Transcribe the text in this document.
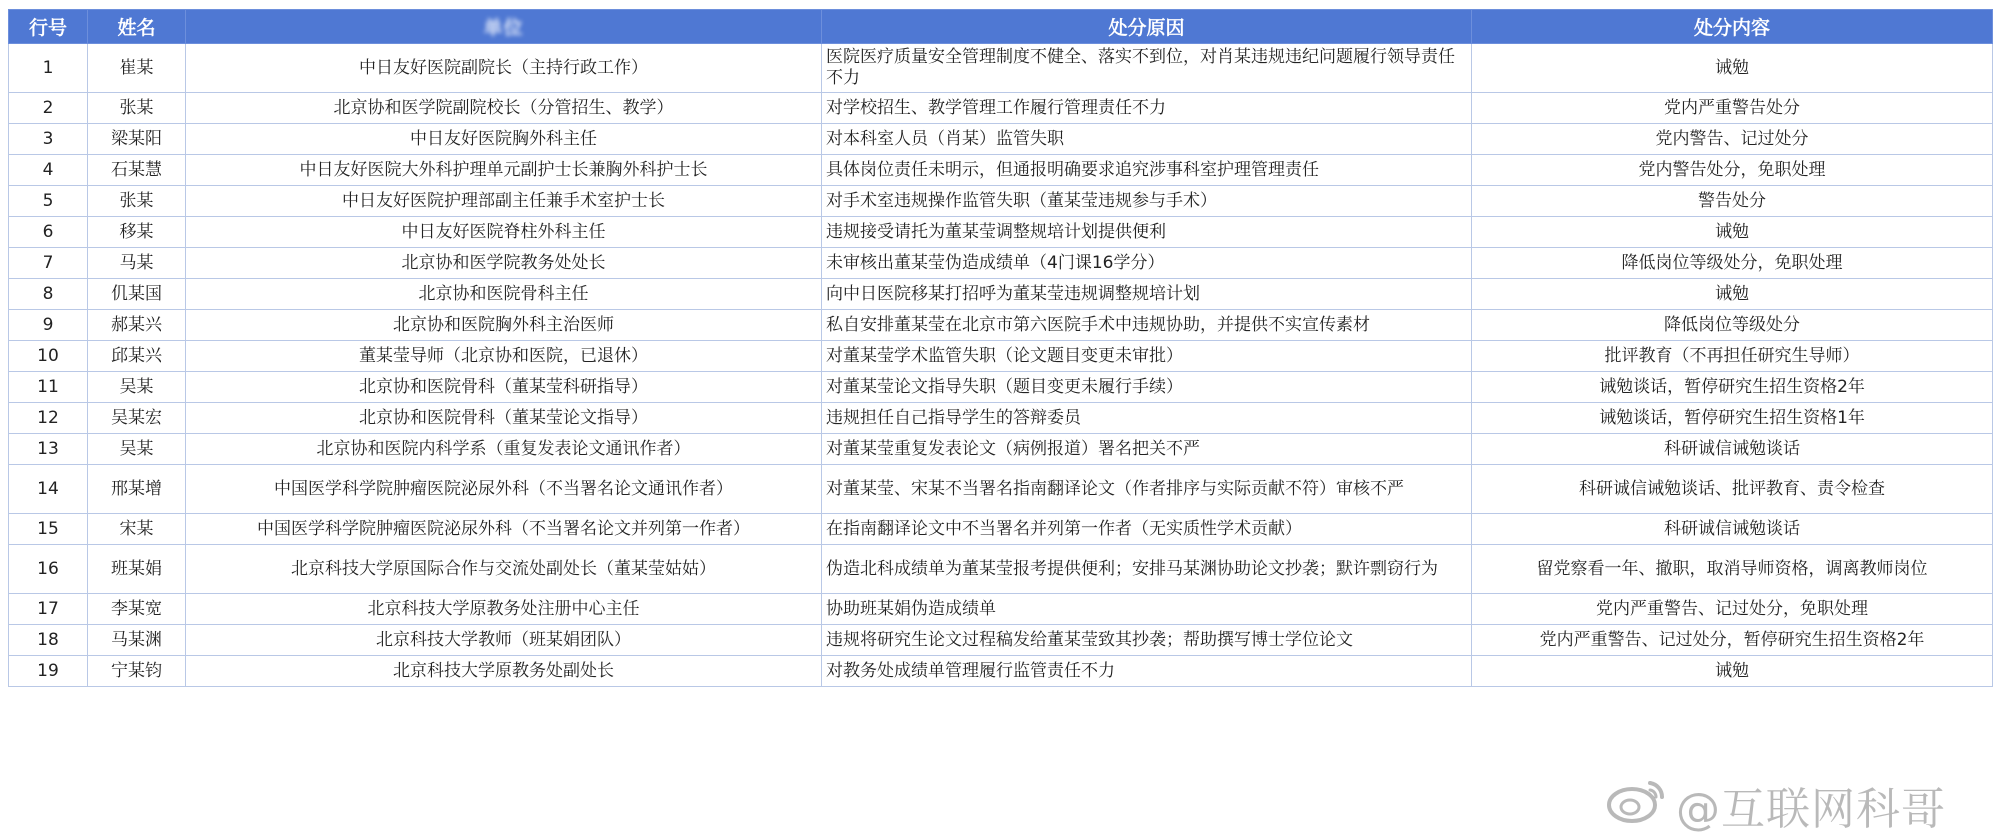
行号	姓名	单位	处分原因	处分内容
1	崔某	中日友好医院副院长（主持行政工作）	医院医疗质量安全管理制度不健全、落实不到位，对肖某违规违纪问题履行领导责任不力	诫勉
2	张某	北京协和医学院副院校长（分管招生、教学）	对学校招生、教学管理工作履行管理责任不力	党内严重警告处分
3	梁某阳	中日友好医院胸外科主任	对本科室人员（肖某）监管失职	党内警告、记过处分
4	石某慧	中日友好医院大外科护理单元副护士长兼胸外科护士长	具体岗位责任未明示，但通报明确要求追究涉事科室护理管理责任	党内警告处分，免职处理
5	张某	中日友好医院护理部副主任兼手术室护士长	对手术室违规操作监管失职（董某莹违规参与手术）	警告处分
6	移某	中日友好医院脊柱外科主任	违规接受请托为董某莹调整规培计划提供便利	诫勉
7	马某	北京协和医学院教务处处长	未审核出董某莹伪造成绩单（4门课16学分）	降低岗位等级处分，免职处理
8	仉某国	北京协和医院骨科主任	向中日医院移某打招呼为董某莹违规调整规培计划	诫勉
9	郝某兴	北京协和医院胸外科主治医师	私自安排董某莹在北京市第六医院手术中违规协助，并提供不实宣传素材	降低岗位等级处分
10	邱某兴	董某莹导师（北京协和医院，已退休）	对董某莹学术监管失职（论文题目变更未审批）	批评教育（不再担任研究生导师）
11	吴某	北京协和医院骨科（董某莹科研指导）	对董某莹论文指导失职（题目变更未履行手续）	诫勉谈话，暂停研究生招生资格2年
12	吴某宏	北京协和医院骨科（董某莹论文指导）	违规担任自己指导学生的答辩委员	诫勉谈话，暂停研究生招生资格1年
13	吴某	北京协和医院内科学系（重复发表论文通讯作者）	对董某莹重复发表论文（病例报道）署名把关不严	科研诚信诫勉谈话
14	邢某增	中国医学科学院肿瘤医院泌尿外科（不当署名论文通讯作者）	对董某莹、宋某不当署名指南翻译论文（作者排序与实际贡献不符）审核不严	科研诚信诫勉谈话、批评教育、责令检查
15	宋某	中国医学科学院肿瘤医院泌尿外科（不当署名论文并列第一作者）	在指南翻译论文中不当署名并列第一作者（无实质性学术贡献）	科研诚信诫勉谈话
16	班某娟	北京科技大学原国际合作与交流处副处长（董某莹姑姑）	伪造北科成绩单为董某莹报考提供便利；安排马某渊协助论文抄袭；默许剽窃行为	留党察看一年、撤职，取消导师资格，调离教师岗位
17	李某宽	北京科技大学原教务处注册中心主任	协助班某娟伪造成绩单	党内严重警告、记过处分，免职处理
18	马某渊	北京科技大学教师（班某娟团队）	违规将研究生论文过程稿发给董某莹致其抄袭；帮助撰写博士学位论文	党内严重警告、记过处分，暂停研究生招生资格2年
19	宁某钧	北京科技大学原教务处副处长	对教务处成绩单管理履行监管责任不力	诫勉
@互联网科哥
